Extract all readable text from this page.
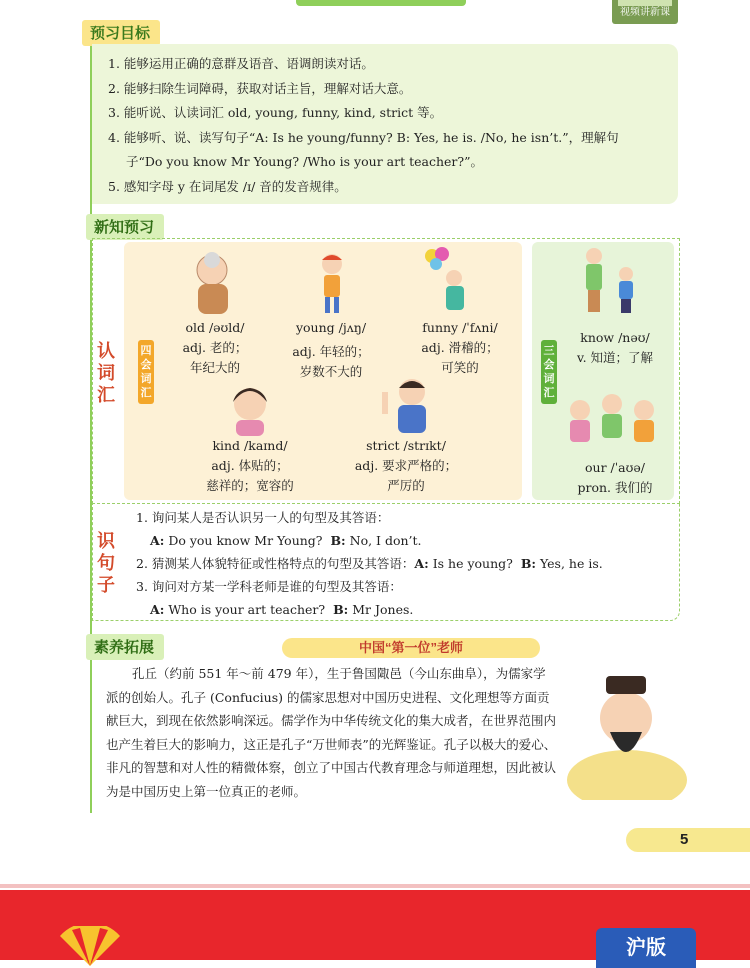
视频讲新课
预习目标
1. 能够运用正确的意群及语音、语调朗读对话。
2. 能够扫除生词障碍，获取对话主旨，理解对话大意。
3. 能听说、认读词汇 old, young, funny, kind, strict 等。
4. 能够听、说、读写句子“A: Is he young/funny? B: Yes, he is. /No, he isn’t.”，理解句
子“Do you know Mr Young? /Who is your art teacher?”。
5. 感知字母 y 在词尾发 /ɪ/ 音的发音规律。
新知预习
认
词
汇
四
会
词
汇
三
会
词
汇
old /əʊld/
adj. 老的；
年纪大的
young /jʌŋ/
adj. 年轻的；
岁数不大的
funny /ˈfʌni/
adj. 滑稽的；
可笑的
kind /kaɪnd/
adj. 体贴的；
慈祥的；宽容的
strict /strɪkt/
adj. 要求严格的；
严厉的
know /nəʊ/
v. 知道；了解
our /ˈaʊə/
pron. 我们的
识
句
子
1. 询问某人是否认识另一人的句型及其答语：
A: Do you know Mr Young? B: No, I don’t.
2. 猜测某人体貌特征或性格特点的句型及其答语：A: Is he young? B: Yes, he is.
3. 询问对方某一学科老师是谁的句型及其答语：
A: Who is your art teacher? B: Mr Jones.
素养拓展	中国“第一位”老师
孔丘（约前 551 年～前 479 年），生于鲁国陬邑（今山东曲阜），为儒家学派的创始人。孔子 (Confucius) 的儒家思想对中国历史进程、文化理想等方面贡献巨大，到现在依然影响深远。儒学作为中华传统文化的集大成者，在世界范围内也产生着巨大的影响力，这正是孔子“万世师表”的光辉鉴证。孔子以极大的爱心、非凡的智慧和对人性的精微体察，创立了中国古代教育理念与师道理想，因此被认为是中国历史上第一位真正的老师。
5
沪版
